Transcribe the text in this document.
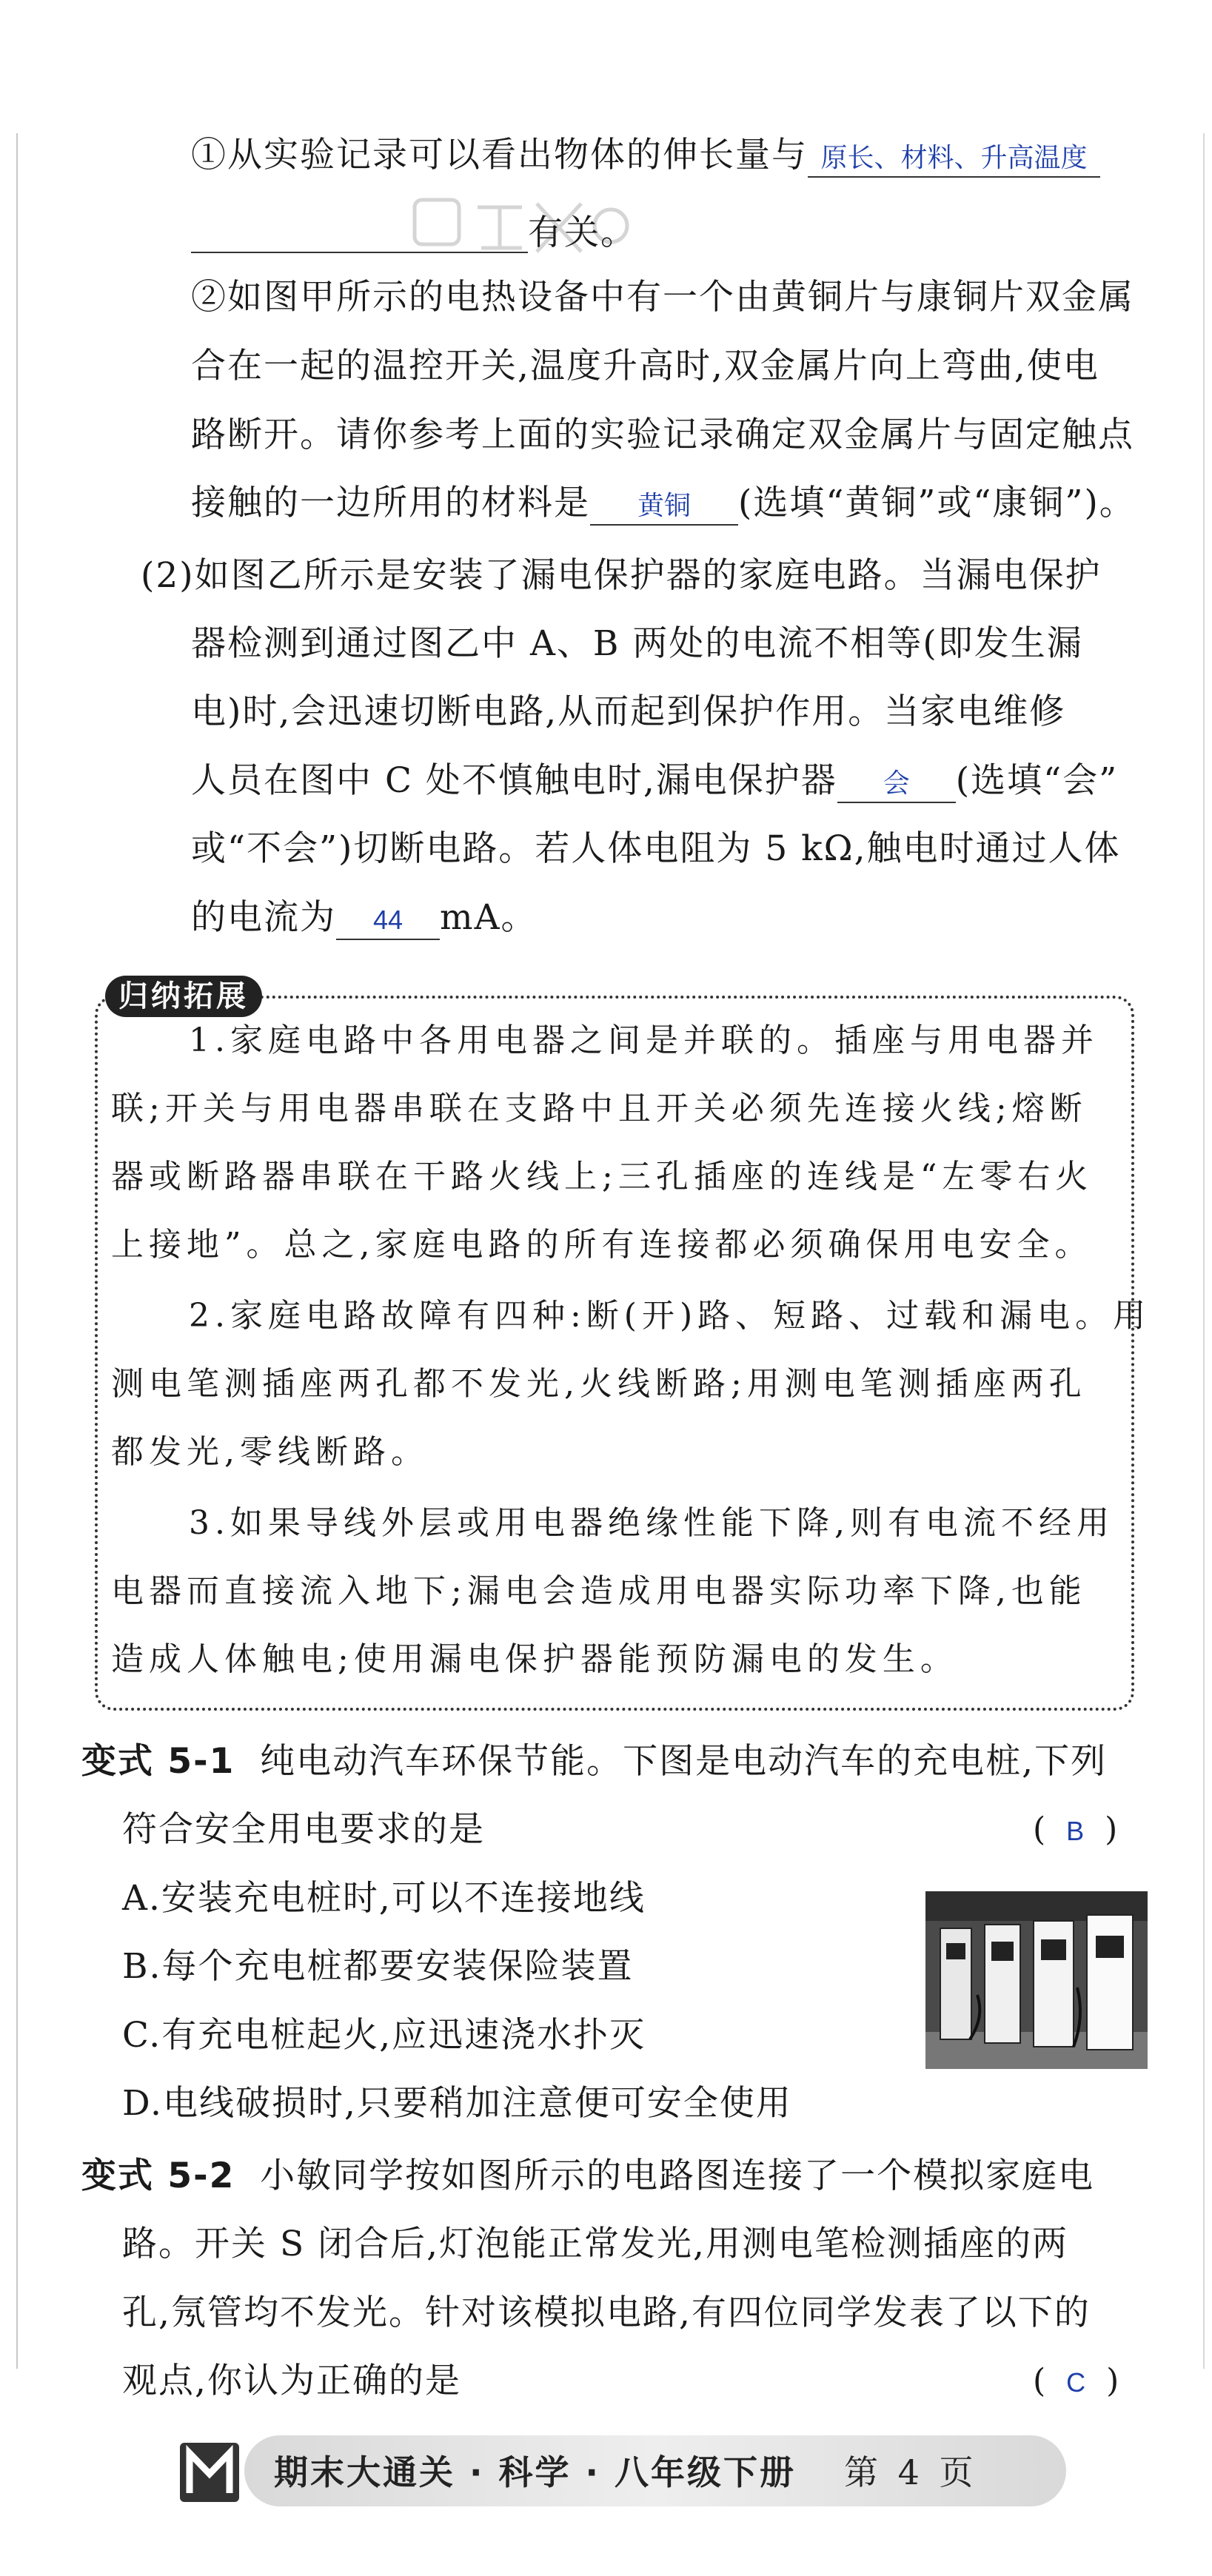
①从实验记录可以看出物体的伸长量与 原长、材料、升高温度
有关。
②如图甲所示的电热设备中有一个由黄铜片与康铜片双金属
合在一起的温控开关,温度升高时,双金属片向上弯曲,使电
路断开。请你参考上面的实验记录确定双金属片与固定触点
接触的一边所用的材料是 黄铜 (选填“黄铜”或“康铜”)。
(2)如图乙所示是安装了漏电保护器的家庭电路。当漏电保护
器检测到通过图乙中 A、B 两处的电流不相等(即发生漏
电)时,会迅速切断电路,从而起到保护作用。当家电维修
人员在图中 C 处不慎触电时,漏电保护器 会 (选填“会”
或“不会”)切断电路。若人体电阻为 5 kΩ,触电时通过人体
的电流为 44 mA。
归纳拓展
1.家庭电路中各用电器之间是并联的。插座与用电器并
联;开关与用电器串联在支路中且开关必须先连接火线;熔断
器或断路器串联在干路火线上;三孔插座的连线是“左零右火
上接地”。总之,家庭电路的所有连接都必须确保用电安全。
2.家庭电路故障有四种:断(开)路、短路、过载和漏电。用
测电笔测插座两孔都不发光,火线断路;用测电笔测插座两孔
都发光,零线断路。
3.如果导线外层或用电器绝缘性能下降,则有电流不经用
电器而直接流入地下;漏电会造成用电器实际功率下降,也能
造成人体触电;使用漏电保护器能预防漏电的发生。
变式 5-1 纯电动汽车环保节能。下图是电动汽车的充电桩,下列
符合安全用电要求的是	( B )
A.安装充电桩时,可以不连接地线
B.每个充电桩都要安装保险装置
C.有充电桩起火,应迅速浇水扑灭
D.电线破损时,只要稍加注意便可安全使用
变式 5-2 小敏同学按如图所示的电路图连接了一个模拟家庭电
路。开关 S 闭合后,灯泡能正常发光,用测电笔检测插座的两
孔,氖管均不发光。针对该模拟电路,有四位同学发表了以下的
观点,你认为正确的是	( C )
期末大通关 · 科学 · 八年级下册 第 4 页
